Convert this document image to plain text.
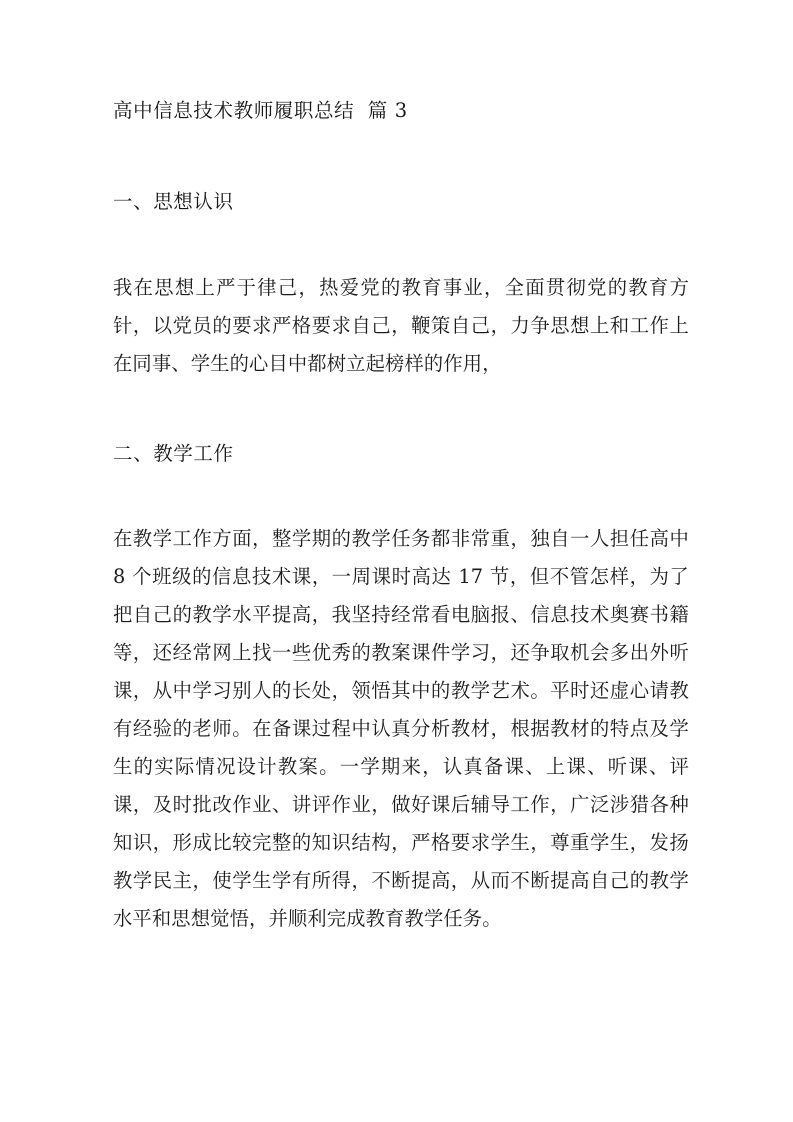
高中信息技术教师履职总结  篇 3
一、思想认识

我在思想上严于律己，热爱党的教育事业，全面贯彻党的教育方针，以党员的要求严格要求自己，鞭策自己，力争思想上和工作上在同事、学生的心目中都树立起榜样的作用，

二、教学工作

在教学工作方面，整学期的教学任务都非常重，独自一人担任高中 8 个班级的信息技术课，一周课时高达 17 节，但不管怎样，为了把自己的教学水平提高，我坚持经常看电脑报、信息技术奥赛书籍等，还经常网上找一些优秀的教案课件学习，还争取机会多出外听课，从中学习别人的长处，领悟其中的教学艺术。平时还虚心请教有经验的老师。在备课过程中认真分析教材，根据教材的特点及学生的实际情况设计教案。一学期来，认真备课、上课、听课、评课，及时批改作业、讲评作业，做好课后辅导工作，广泛涉猎各种知识，形成比较完整的知识结构，严格要求学生，尊重学生，发扬教学民主，使学生学有所得，不断提高，从而不断提高自己的教学水平和思想觉悟，并顺利完成教育教学任务。
